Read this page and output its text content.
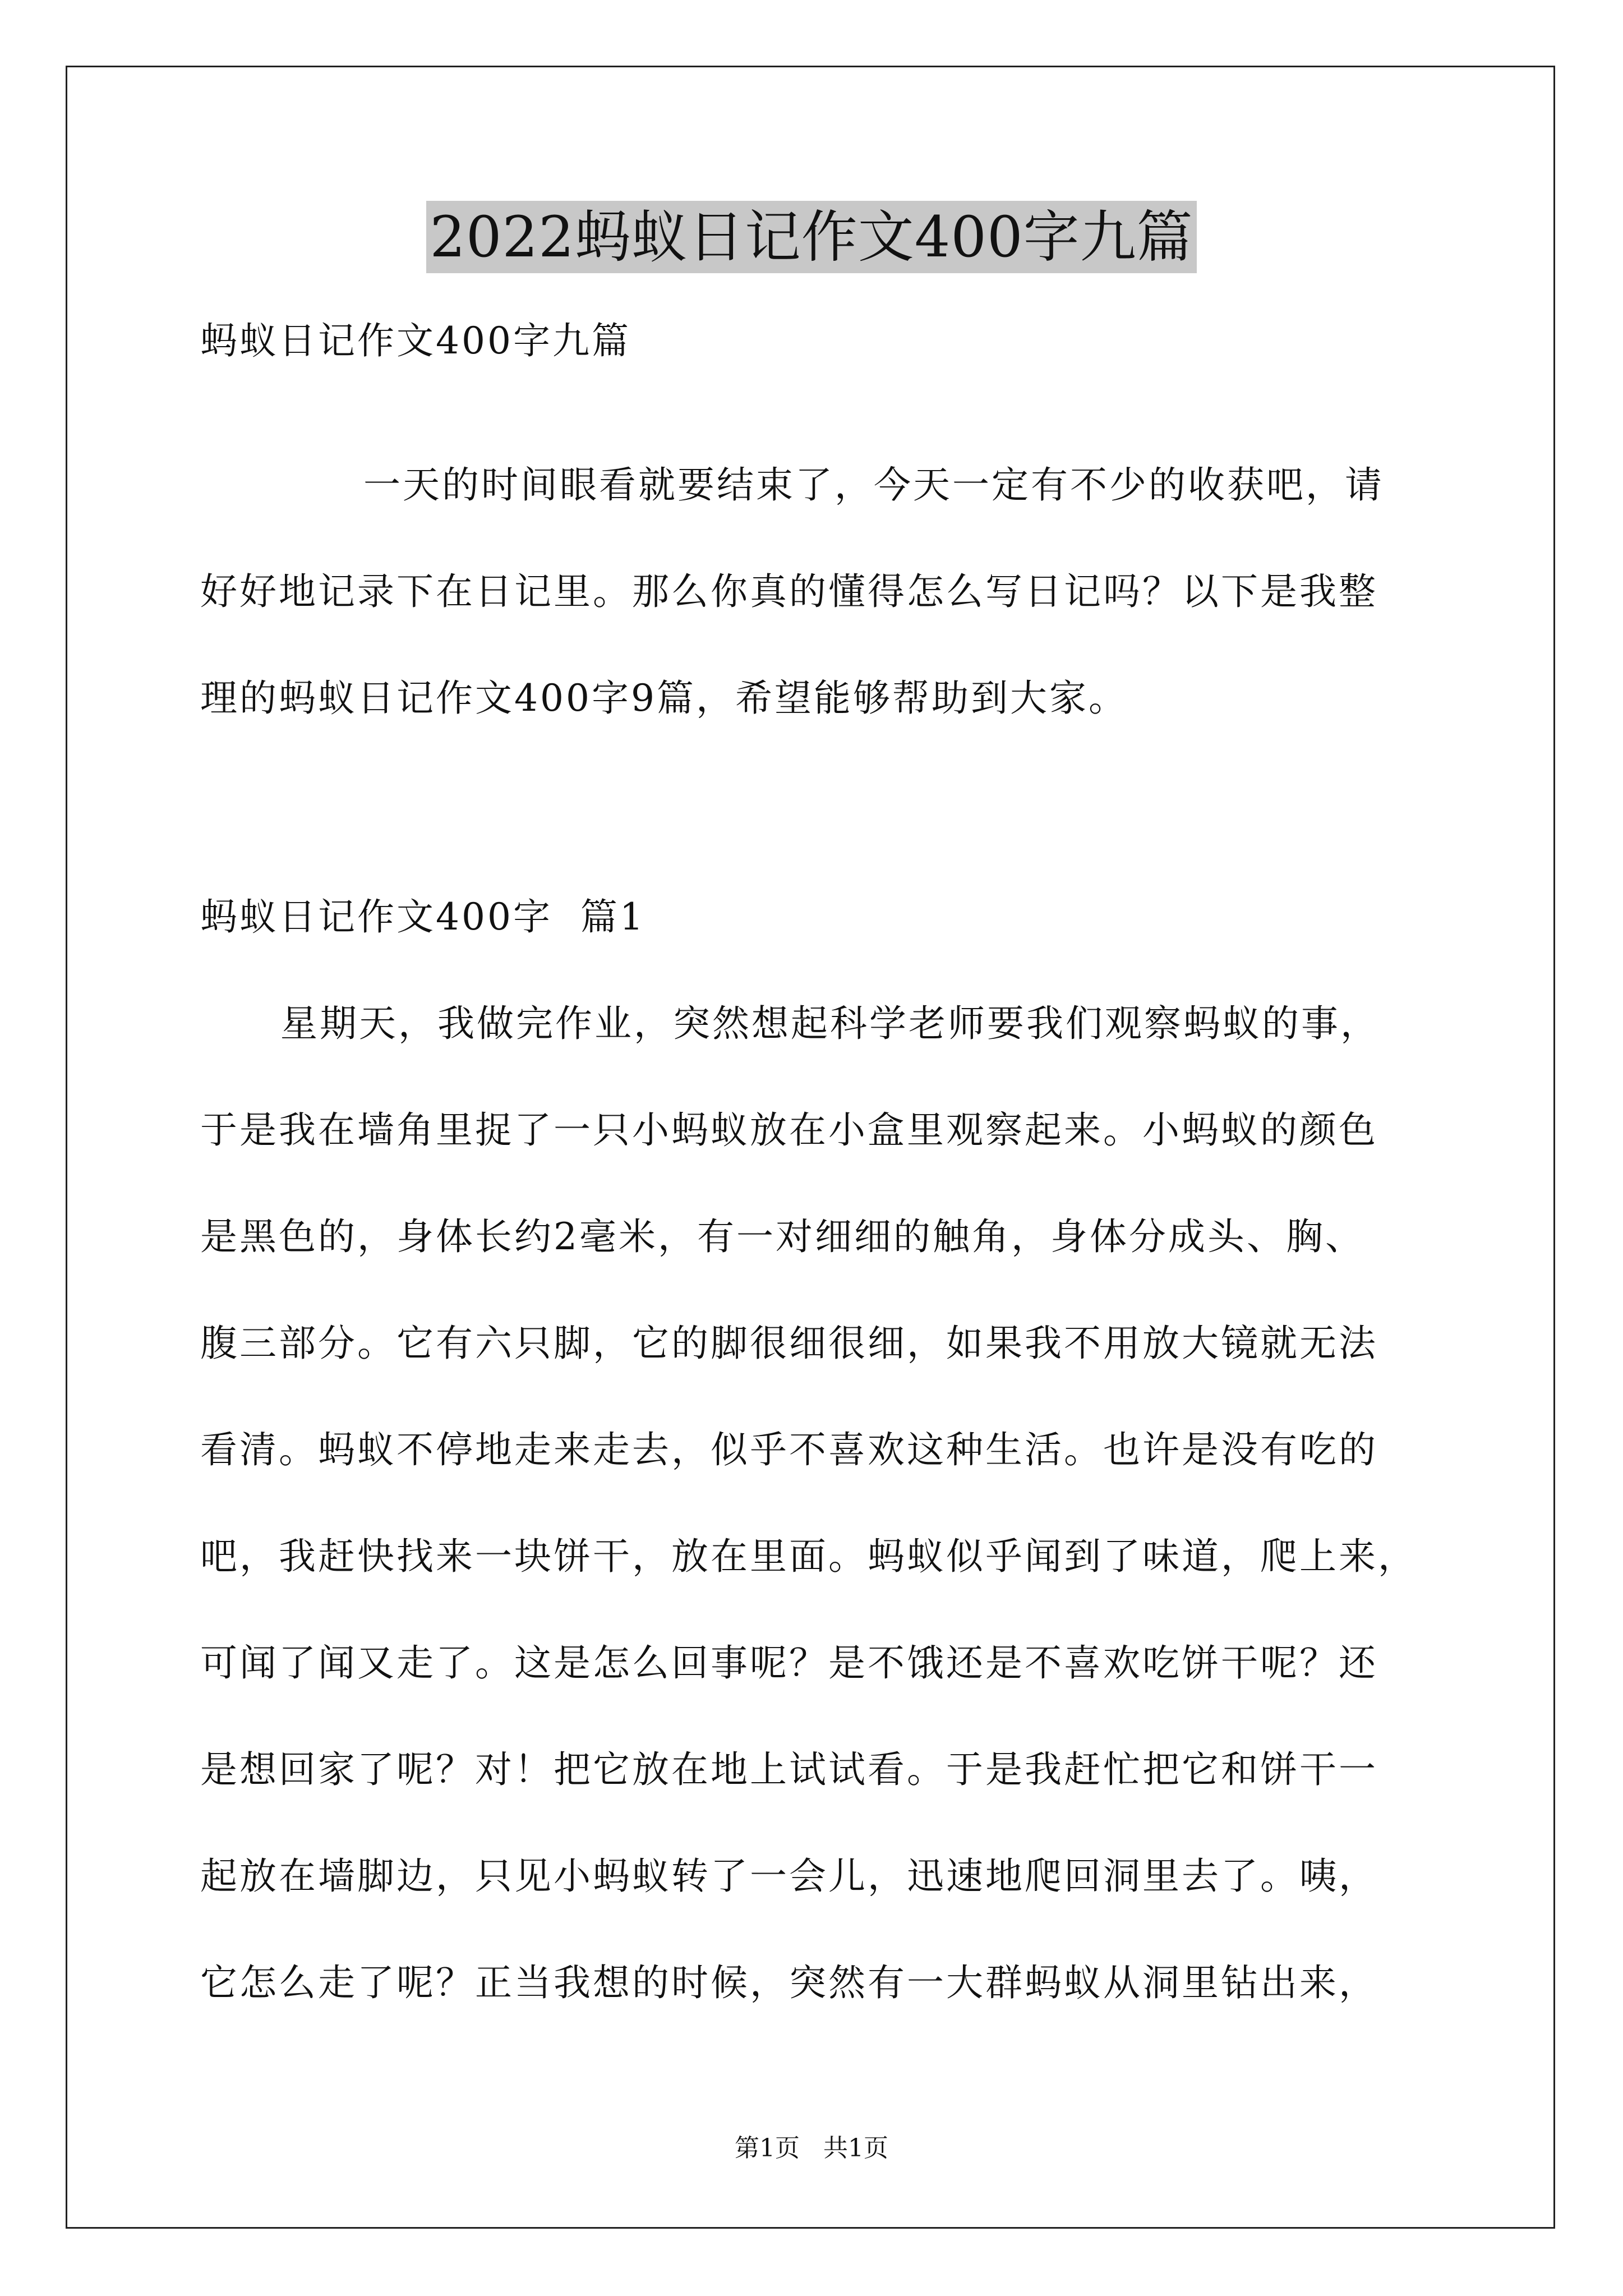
2022蚂蚁日记作文400字九篇
蚂蚁日记作文400字九篇
一天的时间眼看就要结束了，今天一定有不少的收获吧，请
好好地记录下在日记里。那么你真的懂得怎么写日记吗？以下是我整
理的蚂蚁日记作文400字9篇，希望能够帮助到大家。
蚂蚁日记作文400字  篇1
星期天，我做完作业，突然想起科学老师要我们观察蚂蚁的事，
于是我在墙角里捉了一只小蚂蚁放在小盒里观察起来。小蚂蚁的颜色
是黑色的，身体长约2毫米，有一对细细的触角，身体分成头、胸、
腹三部分。它有六只脚，它的脚很细很细，如果我不用放大镜就无法
看清。蚂蚁不停地走来走去，似乎不喜欢这种生活。也许是没有吃的
吧，我赶快找来一块饼干，放在里面。蚂蚁似乎闻到了味道，爬上来，
可闻了闻又走了。这是怎么回事呢？是不饿还是不喜欢吃饼干呢？还
是想回家了呢？对！把它放在地上试试看。于是我赶忙把它和饼干一
起放在墙脚边，只见小蚂蚁转了一会儿，迅速地爬回洞里去了。咦，
它怎么走了呢？正当我想的时候，突然有一大群蚂蚁从洞里钻出来，
第1页   共1页
